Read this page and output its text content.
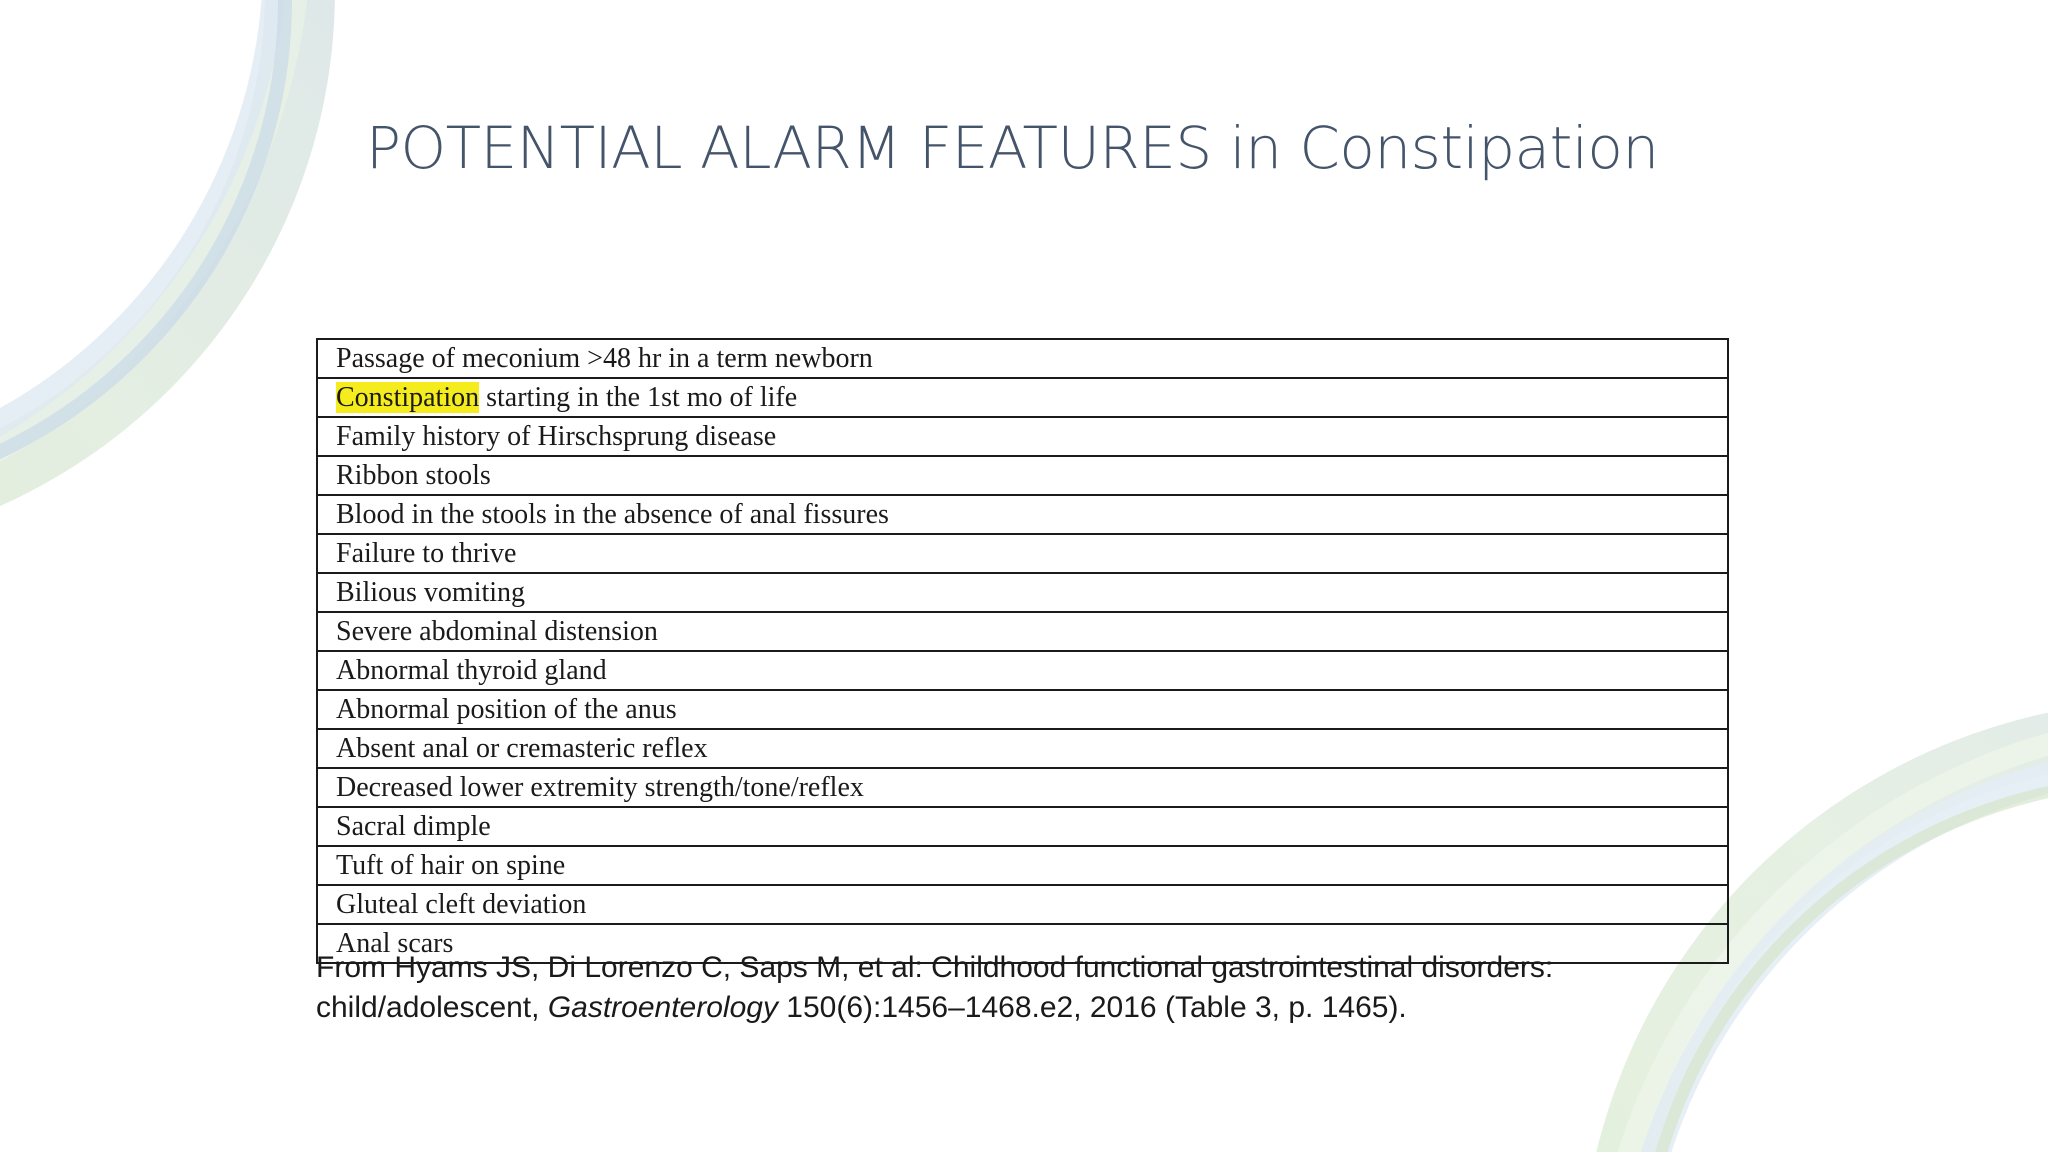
POTENTIAL ALARM FEATURES in Constipation
Passage of meconium >48 hr in a term newborn
Constipation starting in the 1st mo of life
Family history of Hirschsprung disease
Ribbon stools
Blood in the stools in the absence of anal fissures
Failure to thrive
Bilious vomiting
Severe abdominal distension
Abnormal thyroid gland
Abnormal position of the anus
Absent anal or cremasteric reflex
Decreased lower extremity strength/tone/reflex
Sacral dimple
Tuft of hair on spine
Gluteal cleft deviation
Anal scars

From Hyams JS, Di Lorenzo C, Saps M, et al: Childhood functional gastrointestinal disorders: child/adolescent, Gastroenterology 150(6):1456–1468.e2, 2016 (Table 3, p. 1465).
